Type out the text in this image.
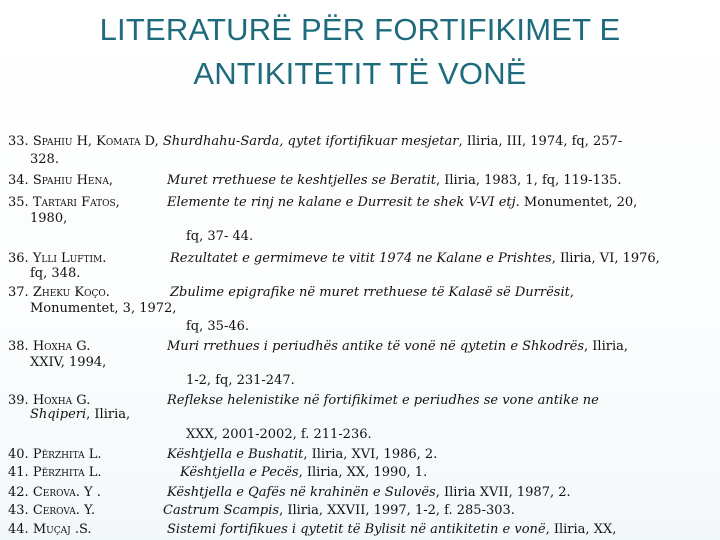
LITERATURË PËR FORTIFIKIMET E
ANTIKITETIT TË VONË
33. Spahiu H, Komata D, Shurdhahu-Sarda, qytet ifortifikuar mesjetar, Iliria, III, 1974, fq, 257-
328.
34. Spahiu Hena,	Muret rrethuese te keshtjelles se Beratit, Iliria, 1983, 1, fq, 119-135.
35. Tartari Fatos,	Elemente te rinj ne kalane e Durresit te shek V-VI etj. Monumentet, 20,
1980,
fq, 37- 44.
36. Ylli Luftim.	Rezultatet e germimeve te vitit 1974 ne Kalane e Prishtes, Iliria, VI, 1976,
fq, 348.
37. Zheku Koço.	Zbulime epigrafike në muret rrethuese të Kalasë së Durrësit,
Monumentet, 3, 1972,
fq, 35-46.
38. Hoxha G.	Muri rrethues i periudhës antike të vonë në qytetin e Shkodrës, Iliria,
XXIV, 1994,
1-2, fq, 231-247.
39. Hoxha G.	Reflekse helenistike në fortifikimet e periudhes se vone antike ne
Shqiperi, Iliria,
XXX, 2001-2002, f. 211-236.
40. Përzhita L.	Kështjella e Bushatit, Iliria, XVI, 1986, 2.
41. Përzhita L.	Kështjella e Pecës, Iliria, XX, 1990, 1.
42. Cerova. Y .	Kështjella e Qafës në krahinën e Sulovës, Iliria XVII, 1987, 2.
43. Cerova. Y.	Castrum Scampis, Iliria, XXVII, 1997, 1-2, f. 285-303.
44. Muçaj .S.	Sistemi fortifikues i qytetit të Bylisit në antikitetin e vonë, Iliria, XX,
